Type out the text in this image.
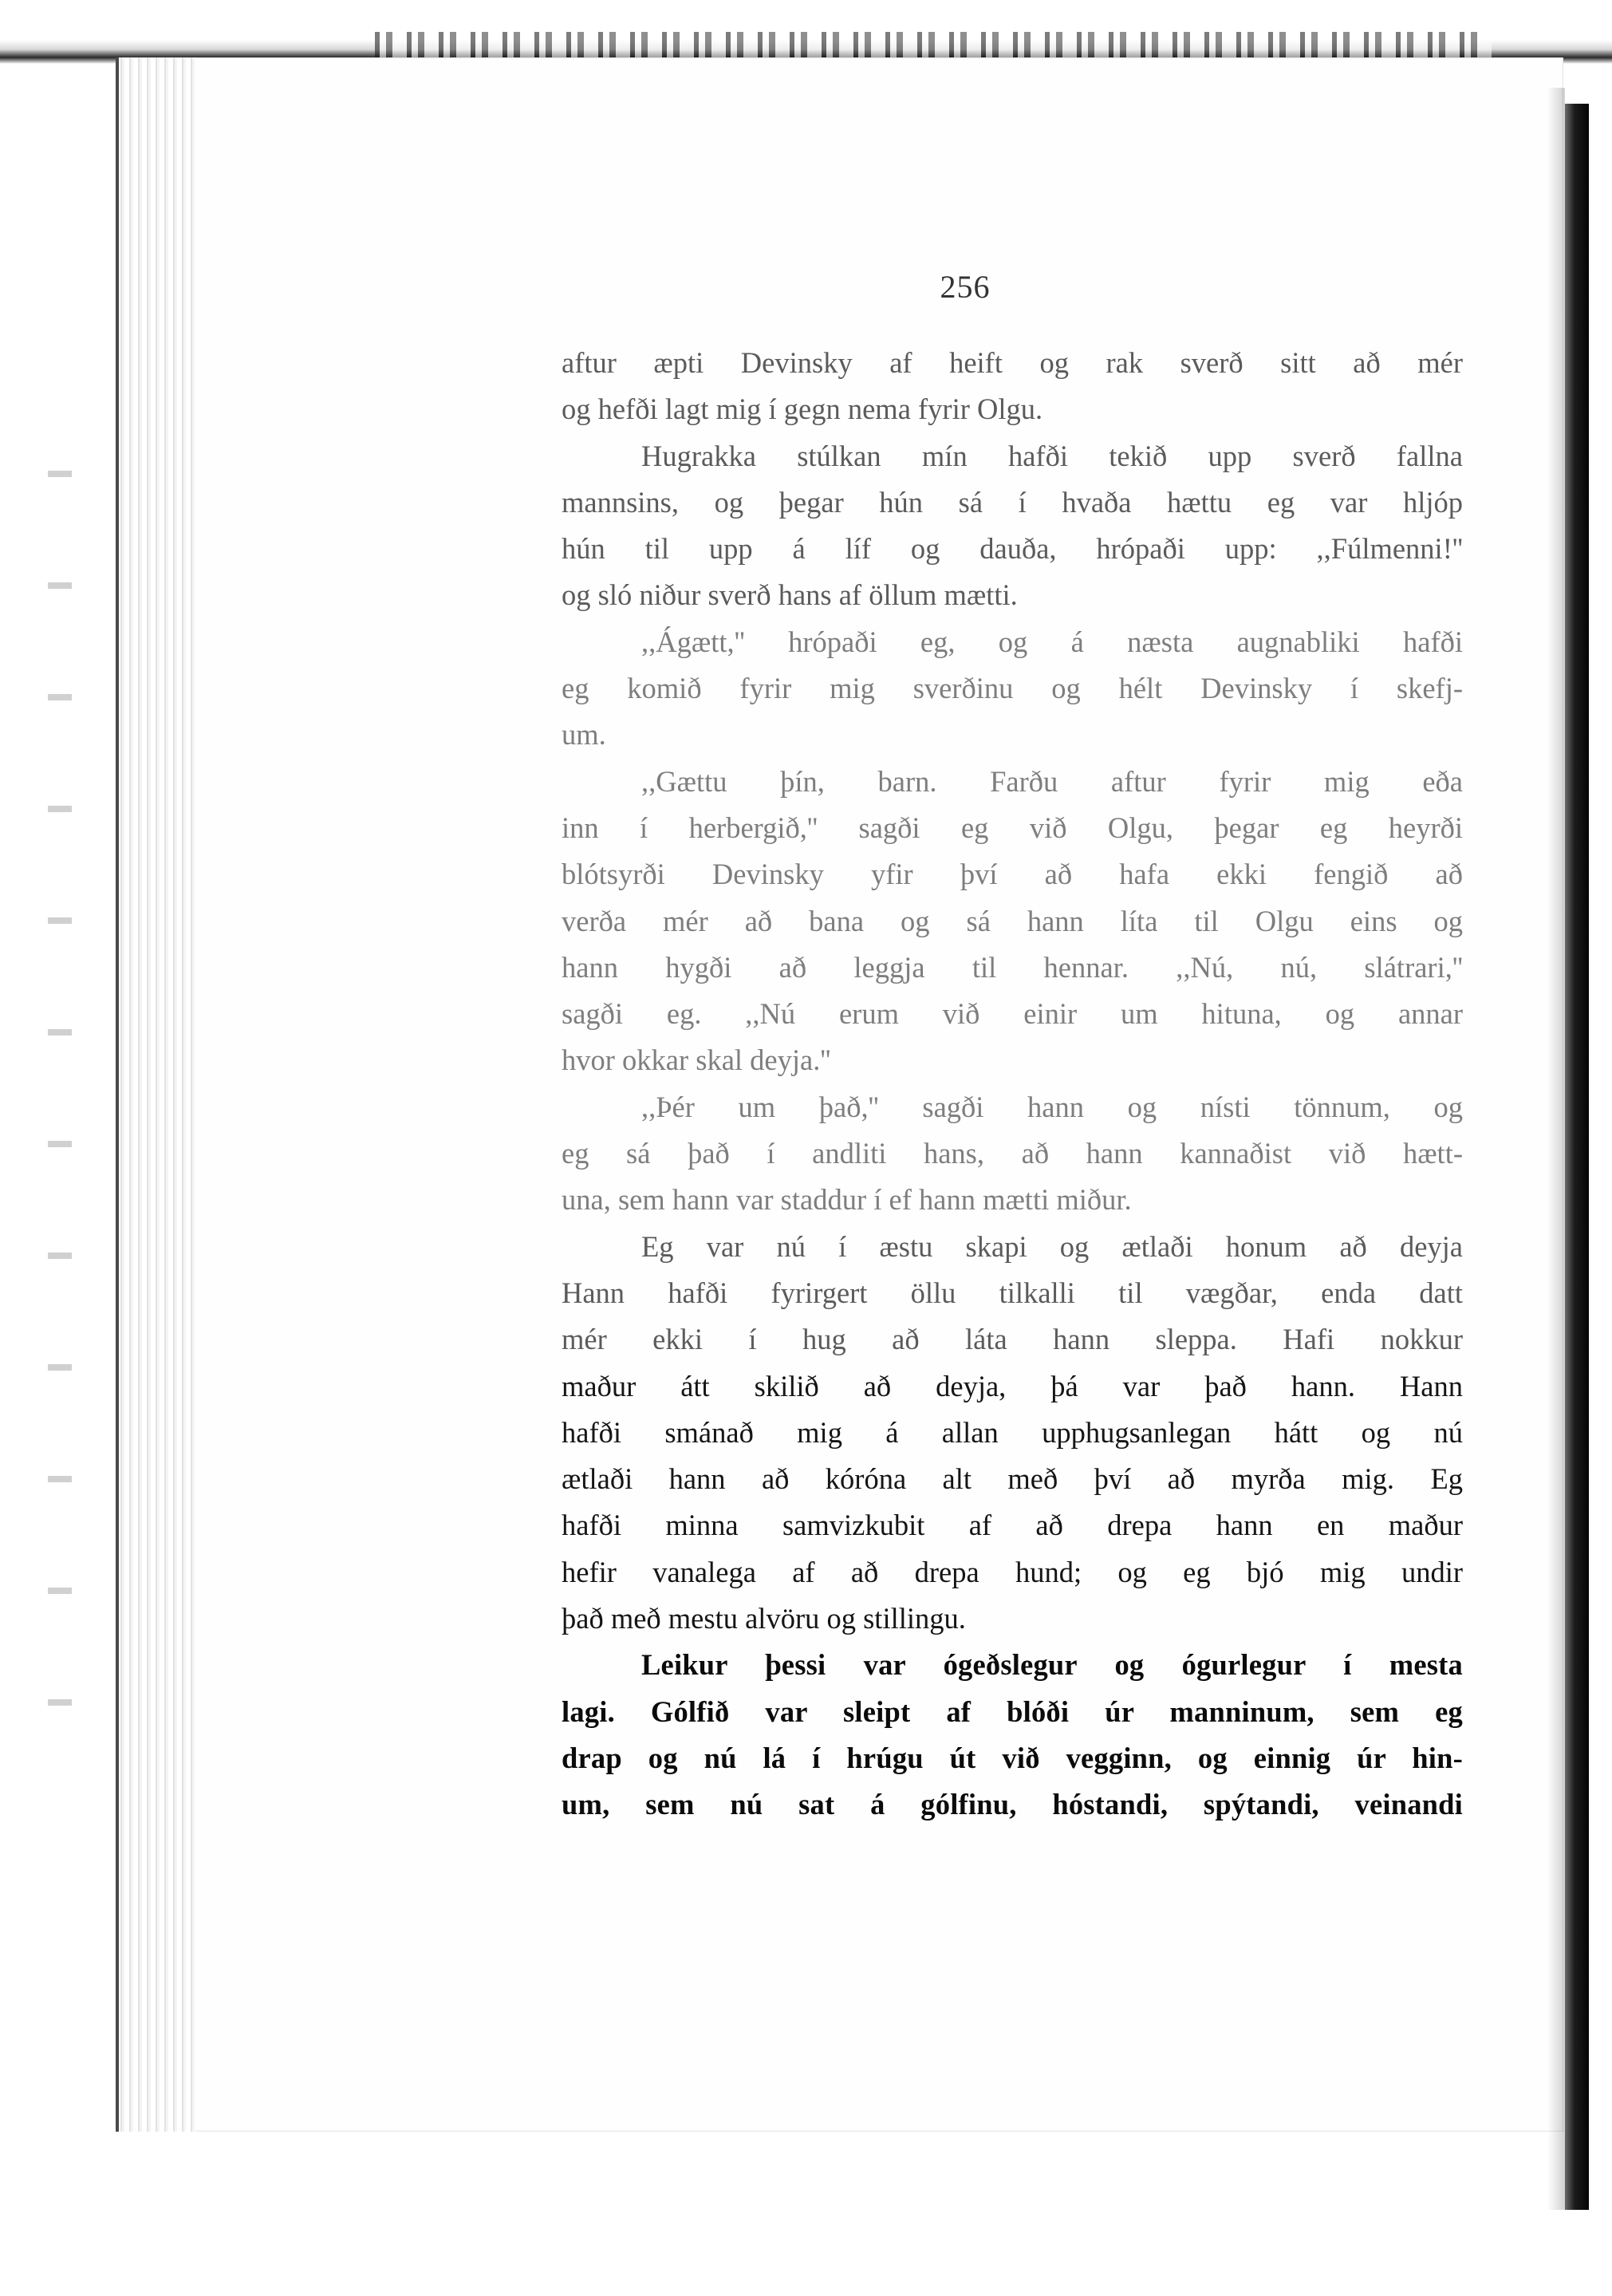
256
aftur æpti Devinsky af heift og rak sverð sitt að mér
og hefði lagt mig í gegn nema fyrir Olgu.
Hugrakka stúlkan mín hafði tekið upp sverð fallna
mannsins, og þegar hún sá í hvaða hættu eg var hljóp
hún til upp á líf og dauða, hrópaði upp: ,,Fúlmenni!''
og sló niður sverð hans af öllum mætti.
,,Ágætt,'' hrópaði eg, og á næsta augnabliki hafði
eg komið fyrir mig sverðinu og hélt Devinsky í skefj-
um.
,,Gættu þín, barn. Farðu aftur fyrir mig eða
inn í herbergið,'' sagði eg við Olgu, þegar eg heyrði
blótsyrði Devinsky yfir því að hafa ekki fengið að
verða mér að bana og sá hann líta til Olgu eins og
hann hygði að leggja til hennar. ,,Nú, nú, slátrari,''
sagði eg. ,,Nú erum við einir um hituna, og annar
hvor okkar skal deyja.''
,,Þér um það,'' sagði hann og nísti tönnum, og
eg sá það í andliti hans, að hann kannaðist við hætt-
una, sem hann var staddur í ef hann mætti miður.
Eg var nú í æstu skapi og ætlaði honum að deyja
Hann hafði fyrirgert öllu tilkalli til vægðar, enda datt
mér ekki í hug að láta hann sleppa. Hafi nokkur
maður átt skilið að deyja, þá var það hann. Hann
hafði smánað mig á allan upphugsanlegan hátt og nú
ætlaði hann að kóróna alt með því að myrða mig. Eg
hafði minna samvizkubit af að drepa hann en maður
hefir vanalega af að drepa hund; og eg bjó mig undir
það með mestu alvöru og stillingu.
Leikur þessi var ógeðslegur og ógurlegur í mesta
lagi. Gólfið var sleipt af blóði úr manninum, sem eg
drap og nú lá í hrúgu út við vegginn, og einnig úr hin-
um, sem nú sat á gólfinu, hóstandi, spýtandi, veinandi
